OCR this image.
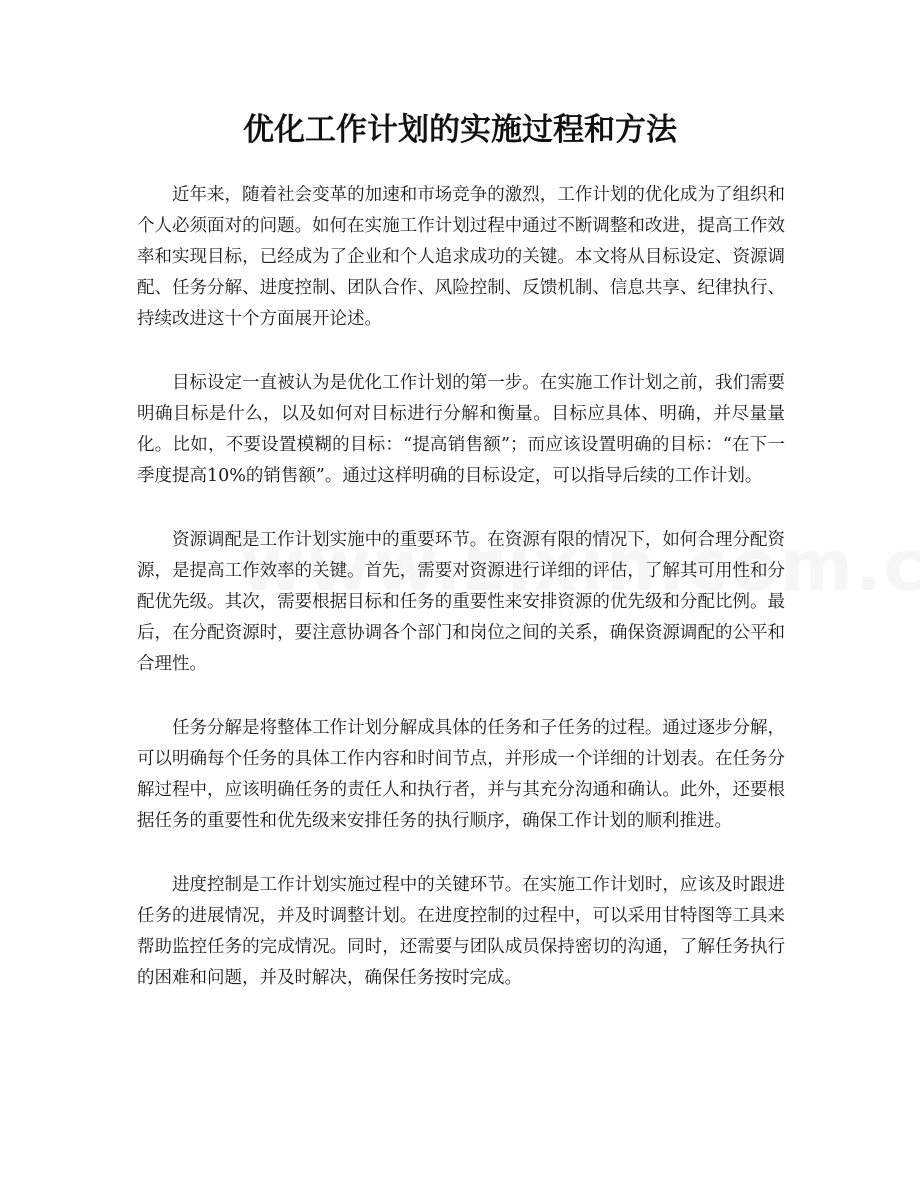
优化工作计划的实施过程和方法

近年来，随着社会变革的加速和市场竞争的激烈，工作计划的优化成为了组织和个人必须面对的问题。如何在实施工作计划过程中通过不断调整和改进，提高工作效率和实现目标，已经成为了企业和个人追求成功的关键。本文将从目标设定、资源调配、任务分解、进度控制、团队合作、风险控制、反馈机制、信息共享、纪律执行、持续改进这十个方面展开论述。

目标设定一直被认为是优化工作计划的第一步。在实施工作计划之前，我们需要明确目标是什么，以及如何对目标进行分解和衡量。目标应具体、明确，并尽量量化。比如，不要设置模糊的目标：“提高销售额”；而应该设置明确的目标：“在下一季度提高10%的销售额”。通过这样明确的目标设定，可以指导后续的工作计划。

资源调配是工作计划实施中的重要环节。在资源有限的情况下，如何合理分配资源，是提高工作效率的关键。首先，需要对资源进行详细的评估，了解其可用性和分配优先级。其次，需要根据目标和任务的重要性来安排资源的优先级和分配比例。最后，在分配资源时，要注意协调各个部门和岗位之间的关系，确保资源调配的公平和合理性。

任务分解是将整体工作计划分解成具体的任务和子任务的过程。通过逐步分解，可以明确每个任务的具体工作内容和时间节点，并形成一个详细的计划表。在任务分解过程中，应该明确任务的责任人和执行者，并与其充分沟通和确认。此外，还要根据任务的重要性和优先级来安排任务的执行顺序，确保工作计划的顺利推进。

进度控制是工作计划实施过程中的关键环节。在实施工作计划时，应该及时跟进任务的进展情况，并及时调整计划。在进度控制的过程中，可以采用甘特图等工具来帮助监控任务的完成情况。同时，还需要与团队成员保持密切的沟通，了解任务执行的困难和问题，并及时解决，确保任务按时完成。
